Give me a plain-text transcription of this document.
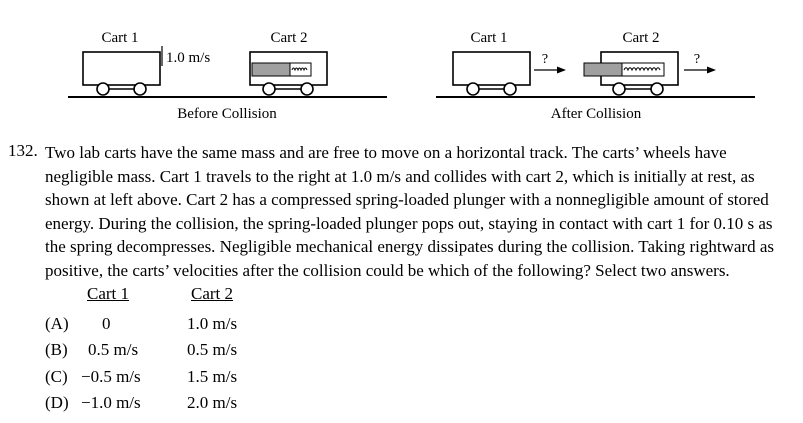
Cart 1	Cart 2
1.0 m/s
Before Collision
Cart 1	Cart 2
?	?
After Collision
132. Two lab carts have the same mass and are free to move on a horizontal track. The carts’ wheels have negligible mass. Cart 1 travels to the right at 1.0 m/s and collides with cart 2, which is initially at rest, as shown at left above. Cart 2 has a compressed spring-loaded plunger with a nonnegligible amount of stored energy. During the collision, the spring-loaded plunger pops out, staying in contact with cart 1 for 0.10 s as the spring decompresses. Negligible mechanical energy dissipates during the collision. Taking rightward as positive, the carts’ velocities after the collision could be which of the following? Select two answers.
Cart 1	Cart 2
(A) 0	1.0 m/s
(B) 0.5 m/s	0.5 m/s
(C) −0.5 m/s	1.5 m/s
(D) −1.0 m/s	2.0 m/s
